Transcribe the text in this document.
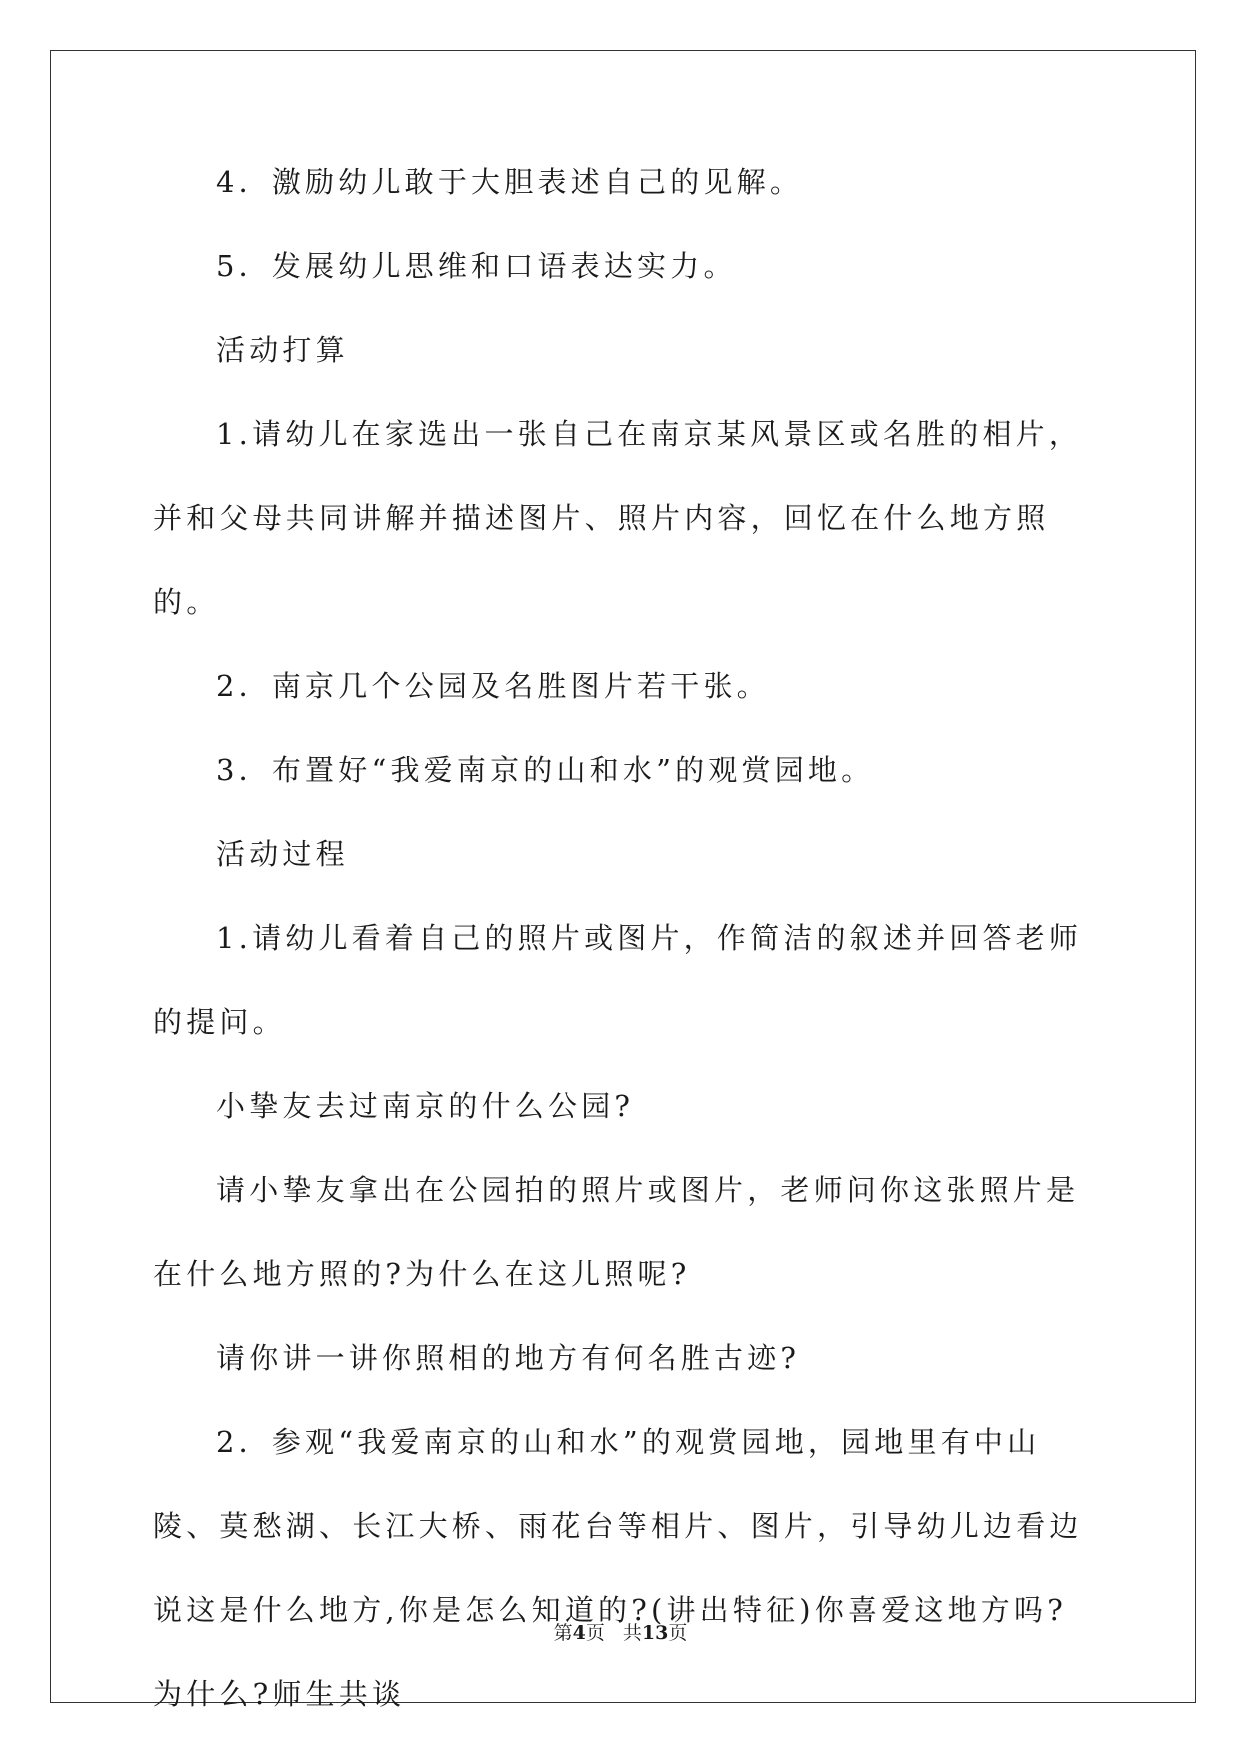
4．激励幼儿敢于大胆表述自己的见解。

5．发展幼儿思维和口语表达实力。

活动打算

1.请幼儿在家选出一张自己在南京某风景区或名胜的相片，并和父母共同讲解并描述图片、照片内容，回忆在什么地方照的。

2．南京几个公园及名胜图片若干张。

3．布置好“我爱南京的山和水”的观赏园地。

活动过程

1.请幼儿看着自己的照片或图片，作简洁的叙述并回答老师的提问。

小挚友去过南京的什么公园?

请小挚友拿出在公园拍的照片或图片，老师问你这张照片是在什么地方照的?为什么在这儿照呢?

请你讲一讲你照相的地方有何名胜古迹?

2．参观“我爱南京的山和水”的观赏园地，园地里有中山陵、莫愁湖、长江大桥、雨花台等相片、图片，引导幼儿边看边说这是什么地方,你是怎么知道的?(讲出特征)你喜爱这地方吗?为什么?师生共谈

第4页 共13页
